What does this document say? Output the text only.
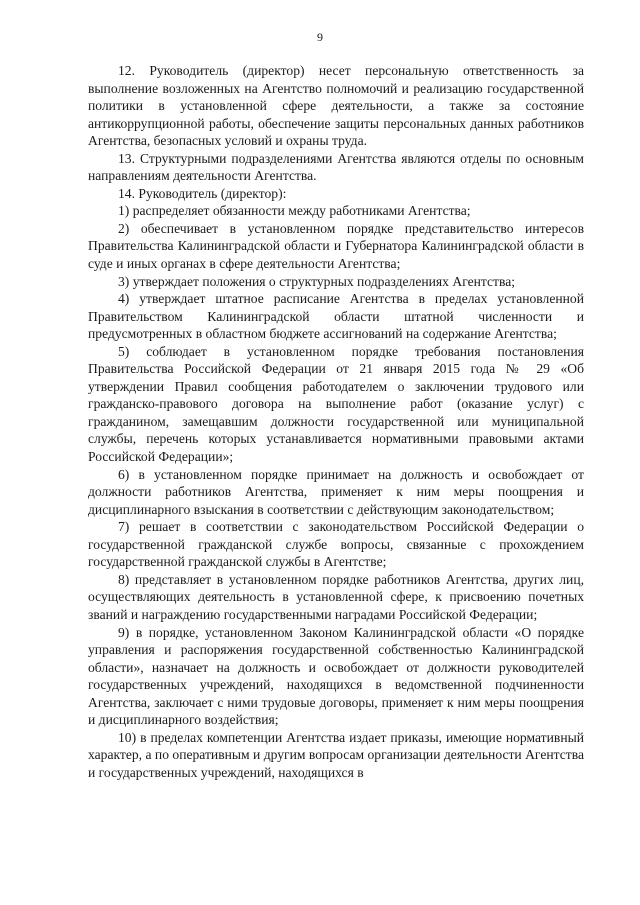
9

12. Руководитель (директор) несет персональную ответственность за выполнение возложенных на Агентство полномочий и реализацию государственной политики в установленной сфере деятельности, а также за состояние антикоррупционной работы, обеспечение защиты персональных данных работников Агентства, безопасных условий и охраны труда.

13. Структурными подразделениями Агентства являются отделы по основным направлениям деятельности Агентства.

14. Руководитель (директор):

1) распределяет обязанности между работниками Агентства;

2) обеспечивает в установленном порядке представительство интересов Правительства Калининградской области и Губернатора Калининградской области в суде и иных органах в сфере деятельности Агентства;

3) утверждает положения о структурных подразделениях Агентства;

4) утверждает штатное расписание Агентства в пределах установленной Правительством Калининградской области штатной численности и предусмотренных в областном бюджете ассигнований на содержание Агентства;

5) соблюдает в установленном порядке требования постановления Правительства Российской Федерации от 21 января 2015 года № 29 «Об утверждении Правил сообщения работодателем о заключении трудового или гражданско-правового договора на выполнение работ (оказание услуг) с гражданином, замещавшим должности государственной или муниципальной службы, перечень которых устанавливается нормативными правовыми актами Российской Федерации»;

6) в установленном порядке принимает на должность и освобождает от должности работников Агентства, применяет к ним меры поощрения и дисциплинарного взыскания в соответствии с действующим законодательством;

7) решает в соответствии с законодательством Российской Федерации о государственной гражданской службе вопросы, связанные с прохождением государственной гражданской службы в Агентстве;

8) представляет в установленном порядке работников Агентства, других лиц, осуществляющих деятельность в установленной сфере, к присвоению почетных званий и награждению государственными наградами Российской Федерации;

9) в порядке, установленном Законом Калининградской области «О порядке управления и распоряжения государственной собственностью Калининградской области», назначает на должность и освобождает от должности руководителей государственных учреждений, находящихся в ведомственной подчиненности Агентства, заключает с ними трудовые договоры, применяет к ним меры поощрения и дисциплинарного воздействия;

10) в пределах компетенции Агентства издает приказы, имеющие нормативный характер, а по оперативным и другим вопросам организации деятельности Агентства и государственных учреждений, находящихся в
